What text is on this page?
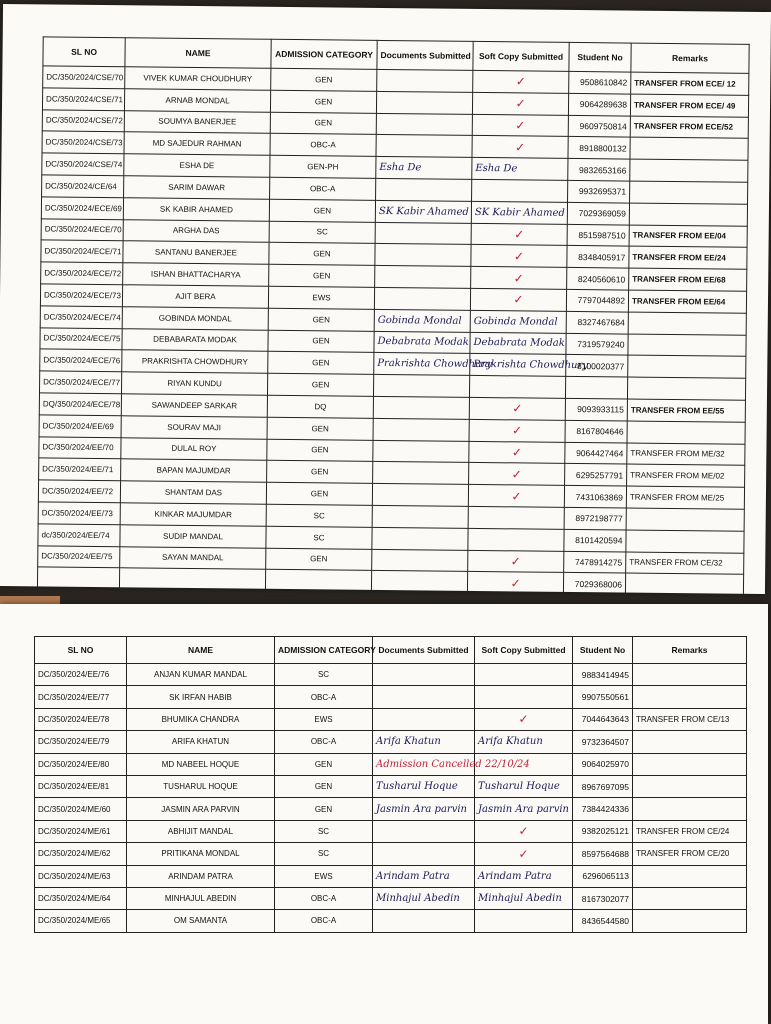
SL NO	NAME	ADMISSION CATEGORY	Documents Submitted	Soft Copy Submitted	Student No	Remarks
DC/350/2024/CSE/70	VIVEK KUMAR CHOUDHURY	GEN		✓	9508610842	TRANSFER FROM ECE/ 12
DC/350/2024/CSE/71	ARNAB MONDAL	GEN		✓	9064289638	TRANSFER FROM ECE/ 49
DC/350/2024/CSE/72	SOUMYA BANERJEE	GEN		✓	9609750814	TRANSFER FROM ECE/52
DC/350/2024/CSE/73	MD SAJEDUR RAHMAN	OBC-A		✓	8918800132	
DC/350/2024/CSE/74	ESHA DE	GEN-PH	Esha De	Esha De	9832653166	
DC/350/2024/CE/64	SARIM DAWAR	OBC-A			9932695371	
DC/350/2024/ECE/69	SK KABIR AHAMED	GEN	SK Kabir Ahamed	SK Kabir Ahamed	7029369059	
DC/350/2024/ECE/70	ARGHA DAS	SC		✓	8515987510	TRANSFER FROM EE/04
DC/350/2024/ECE/71	SANTANU BANERJEE	GEN		✓	8348405917	TRANSFER FROM EE/24
DC/350/2024/ECE/72	ISHAN BHATTACHARYA	GEN		✓	8240560610	TRANSFER FROM EE/68
DC/350/2024/ECE/73	AJIT BERA	EWS		✓	7797044892	TRANSFER FROM EE/64
DC/350/2024/ECE/74	GOBINDA MONDAL	GEN	Gobinda Mondal	Gobinda Mondal	8327467684	
DC/350/2024/ECE/75	DEBABARATA MODAK	GEN	Debabrata Modak	Debabrata Modak	7319579240	
DC/350/2024/ECE/76	PRAKRISHTA CHOWDHURY	GEN	Prakrishta Chowdhury	Prakrishta Chowdhury	8100020377	
DC/350/2024/ECE/77	RIYAN KUNDU	GEN				
DQ/350/2024/ECE/78	SAWANDEEP SARKAR	DQ		✓	9093933115	TRANSFER FROM EE/55
DC/350/2024/EE/69	SOURAV MAJI	GEN		✓	8167804646	
DC/350/2024/EE/70	DULAL ROY	GEN		✓	9064427464	TRANSFER FROM ME/32
DC/350/2024/EE/71	BAPAN MAJUMDAR	GEN		✓	6295257791	TRANSFER FROM ME/02
DC/350/2024/EE/72	SHANTAM DAS	GEN		✓	7431063869	TRANSFER FROM ME/25
DC/350/2024/EE/73	KINKAR MAJUMDAR	SC			8972198777	
dc/350/2024/EE/74	SUDIP MANDAL	SC			8101420594	
DC/350/2024/EE/75	SAYAN MANDAL	GEN		✓	7478914275	TRANSFER FROM CE/32

				✓	7029368006	
SL NO	NAME	ADMISSION CATEGORY	Documents Submitted	Soft Copy Submitted	Student No	Remarks
DC/350/2024/EE/76	ANJAN KUMAR MANDAL	SC			9883414945	
DC/350/2024/EE/77	SK IRFAN HABIB	OBC-A			9907550561	
DC/350/2024/EE/78	BHUMIKA CHANDRA	EWS		✓	7044643643	TRANSFER FROM CE/13
DC/350/2024/EE/79	ARIFA KHATUN	OBC-A	Arifa Khatun	Arifa Khatun	9732364507	
DC/350/2024/EE/80	MD NABEEL HOQUE	GEN	Admission Cancelled 22/10/24		9064025970	
DC/350/2024/EE/81	TUSHARUL HOQUE	GEN	Tusharul Hoque	Tusharul Hoque	8967697095	
DC/350/2024/ME/60	JASMIN ARA PARVIN	GEN	Jasmin Ara parvin	Jasmin Ara parvin	7384424336	
DC/350/2024/ME/61	ABHIJIT MANDAL	SC		✓	9382025121	TRANSFER FROM CE/24
DC/350/2024/ME/62	PRITIKANA MONDAL	SC		✓	8597564688	TRANSFER FROM CE/20
DC/350/2024/ME/63	ARINDAM PATRA	EWS	Arindam Patra	Arindam Patra	6296065113	
DC/350/2024/ME/64	MINHAJUL ABEDIN	OBC-A	Minhajul Abedin	Minhajul Abedin	8167302077	
DC/350/2024/ME/65	OM SAMANTA	OBC-A			8436544580	
